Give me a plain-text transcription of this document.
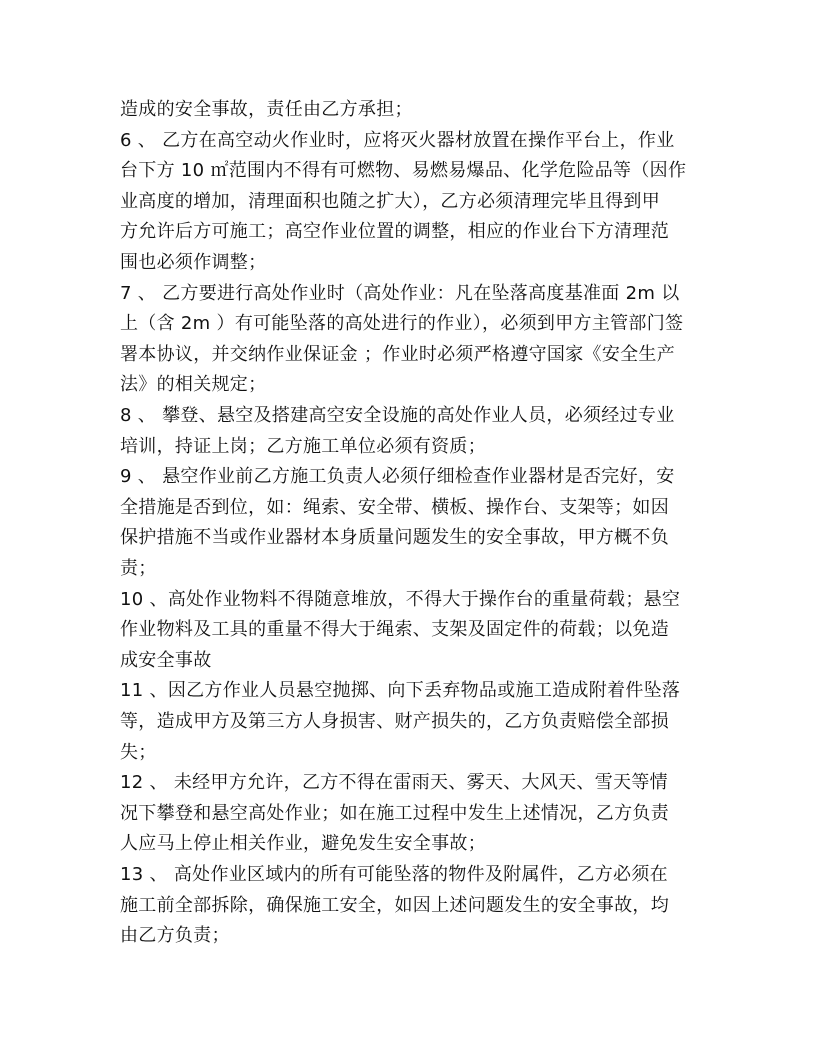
造成的安全事故，责任由乙方承担；
6 、 乙方在高空动火作业时，应将灭火器材放置在操作平台上，作业
台下方 10 ㎡范围内不得有可燃物、易燃易爆品、化学危险品等（因作
业高度的增加，清理面积也随之扩大），乙方必须清理完毕且得到甲
方允许后方可施工；高空作业位置的调整，相应的作业台下方清理范
围也必须作调整；
7 、 乙方要进行高处作业时（高处作业：凡在坠落高度基准面 2m 以
上（含 2m ）有可能坠落的高处进行的作业），必须到甲方主管部门签
署本协议，并交纳作业保证金 ；作业时必须严格遵守国家《安全生产
法》的相关规定；
8 、 攀登、悬空及搭建高空安全设施的高处作业人员，必须经过专业
培训，持证上岗；乙方施工单位必须有资质；
9 、 悬空作业前乙方施工负责人必须仔细检查作业器材是否完好，安
全措施是否到位，如：绳索、安全带、横板、操作台、支架等；如因
保护措施不当或作业器材本身质量问题发生的安全事故，甲方概不负
责；
10 、高处作业物料不得随意堆放，不得大于操作台的重量荷载；悬空
作业物料及工具的重量不得大于绳索、支架及固定件的荷载；以免造
成安全事故
11 、因乙方作业人员悬空抛掷、向下丢弃物品或施工造成附着件坠落
等，造成甲方及第三方人身损害、财产损失的，乙方负责赔偿全部损
失；
12 、 未经甲方允许，乙方不得在雷雨天、雾天、大风天、雪天等情
况下攀登和悬空高处作业；如在施工过程中发生上述情况，乙方负责
人应马上停止相关作业，避免发生安全事故；
13 、 高处作业区域内的所有可能坠落的物件及附属件，乙方必须在
施工前全部拆除，确保施工安全，如因上述问题发生的安全事故，均
由乙方负责；
